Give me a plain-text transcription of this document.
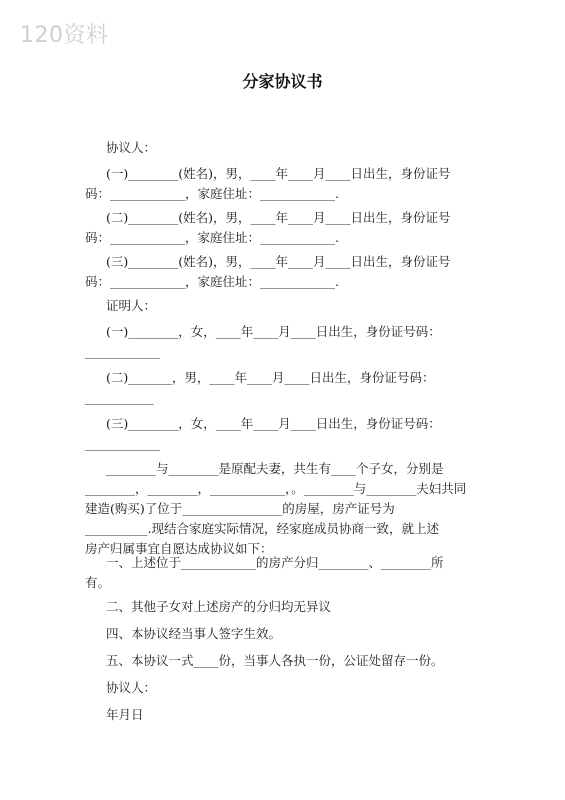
120资料
分家协议书
协议人：
(一)________(姓名)，男，____年____月____日出生，身份证号
码：____________，家庭住址：____________.
(二)________(姓名)，男，____年____月____日出生，身份证号
码：____________，家庭住址：____________.
(三)________(姓名)，男，____年____月____日出生，身份证号
码：____________，家庭住址：____________.
证明人：
(一)________，女，____年____月____日出生，身份证号码：
____________
(二)_______，男，____年____月____日出生，身份证号码：
___________
(三)________，女，____年____月____日出生，身份证号码：
____________
________与________是原配夫妻，共生有____个子女，分别是
________，________，____________，。________与________夫妇共同
建造(购买)了位于________________的房屋，房产证号为
__________.现结合家庭实际情况，经家庭成员协商一致，就上述
房产归属事宜自愿达成协议如下：
一、上述位于____________的房产分归________、________所
有。
二、其他子女对上述房产的分归均无异议
四、本协议经当事人签字生效。
五、本协议一式____份，当事人各执一份，公证处留存一份。
协议人：
年月日
